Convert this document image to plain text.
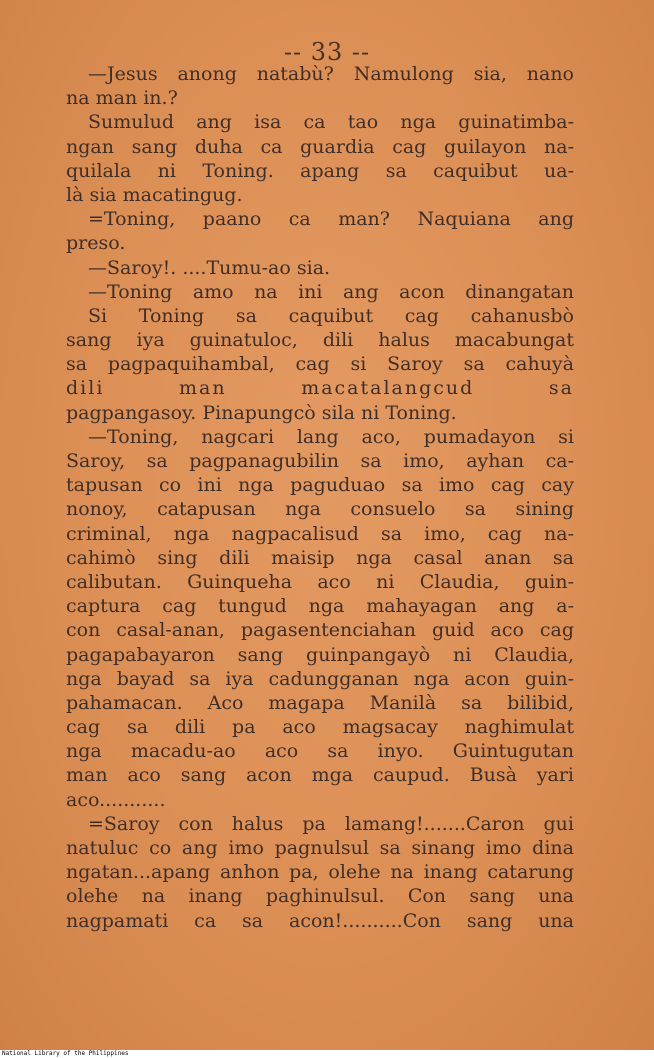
-- 33 --
—Jesus anong natabù? Namulong sia, nano
na man in.?
Sumulud ang isa ca tao nga guinatimba-
ngan sang duha ca guardia cag guilayon na-
quilala ni Toning. apang sa caquibut ua-
là sia macatingug.
=Toning, paano ca man? Naquiana ang
preso.
—Saroy!. ....Tumu-ao sia.
—Toning amo na ini ang acon dinangatan
Si Toning sa caquibut cag cahanusbò
sang iya guinatuloc, dili halus macabungat
sa pagpaquihambal, cag si Saroy sa cahuyà
dili man macatalangcud sa
pagpangasoy. Pinapungcò sila ni Toning.
—Toning, nagcari lang aco, pumadayon si
Saroy, sa pagpanagubilin sa imo, ayhan ca-
tapusan co ini nga paguduao sa imo cag cay
nonoy, catapusan nga consuelo sa sining
criminal, nga nagpacalisud sa imo, cag na-
cahimò sing dili maisip nga casal anan sa
calibutan. Guinqueha aco ni Claudia, guin-
captura cag tungud nga mahayagan ang a-
con casal-anan, pagasentenciahan guid aco cag
pagapabayaron sang guinpangayò ni Claudia,
nga bayad sa iya cadungganan nga acon guin-
pahamacan. Aco magapa Manilà sa bilibid,
cag sa dili pa aco magsacay naghimulat
nga macadu-ao aco sa inyo. Guintugutan
man aco sang acon mga caupud. Busà yari
aco...........
=Saroy con halus pa lamang!.......Caron gui
natuluc co ang imo pagnulsul sa sinang imo dina
ngatan...apang anhon pa, olehe na inang catarung
olehe na inang paghinulsul. Con sang una
nagpamati ca sa acon!..........Con sang una
National Library of the Philippines
